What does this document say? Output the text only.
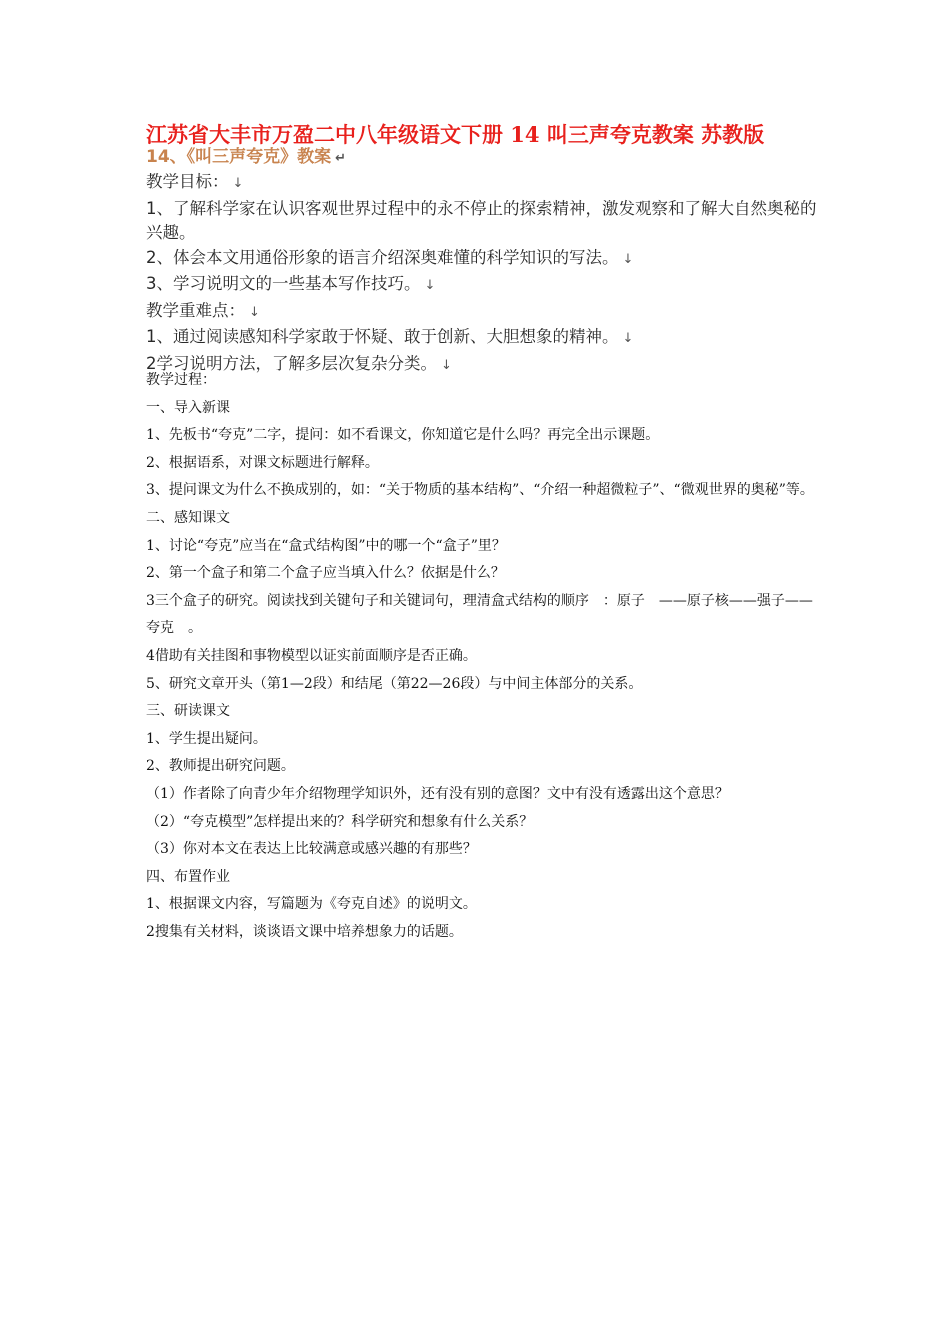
江苏省大丰市万盈二中八年级语文下册 14 叫三声夸克教案 苏教版
14、《叫三声夸克》教案 ↵
教学目标： ↓
1、了解科学家在认识客观世界过程中的永不停止的探索精神，激发观察和了解大自然奥秘的兴趣。
2、体会本文用通俗形象的语言介绍深奥难懂的科学知识的写法。 ↓
3、学习说明文的一些基本写作技巧。 ↓
教学重难点： ↓
1、通过阅读感知科学家敢于怀疑、敢于创新、大胆想象的精神。 ↓
2学习说明方法，了解多层次复杂分类。 ↓
教学过程：
一、导入新课
1、先板书“夸克”二字，提问：如不看课文，你知道它是什么吗？再完全出示课题。
2、根据语系，对课文标题进行解释。
3、提问课文为什么不换成别的，如：“关于物质的基本结构”、“介绍一种超微粒子”、“微观世界的奥秘”等。
二、感知课文
1、讨论“夸克”应当在“盒式结构图”中的哪一个“盒子”里？
2、第一个盒子和第二个盒子应当填入什么？依据是什么？
3三个盒子的研究。阅读找到关键句子和关键词句，理清盒式结构的顺序　：原子　——原子核——强子——夸克　。
4借助有关挂图和事物模型以证实前面顺序是否正确。
5、研究文章开头（第1—2段）和结尾（第22—26段）与中间主体部分的关系。
三、研读课文
1、学生提出疑问。
2、教师提出研究问题。
（1）作者除了向青少年介绍物理学知识外，还有没有别的意图？文中有没有透露出这个意思？
（2）“夸克模型”怎样提出来的？科学研究和想象有什么关系？
（3）你对本文在表达上比较满意或感兴趣的有那些？
四、布置作业
1、根据课文内容，写篇题为《夸克自述》的说明文。
2搜集有关材料，谈谈语文课中培养想象力的话题。
